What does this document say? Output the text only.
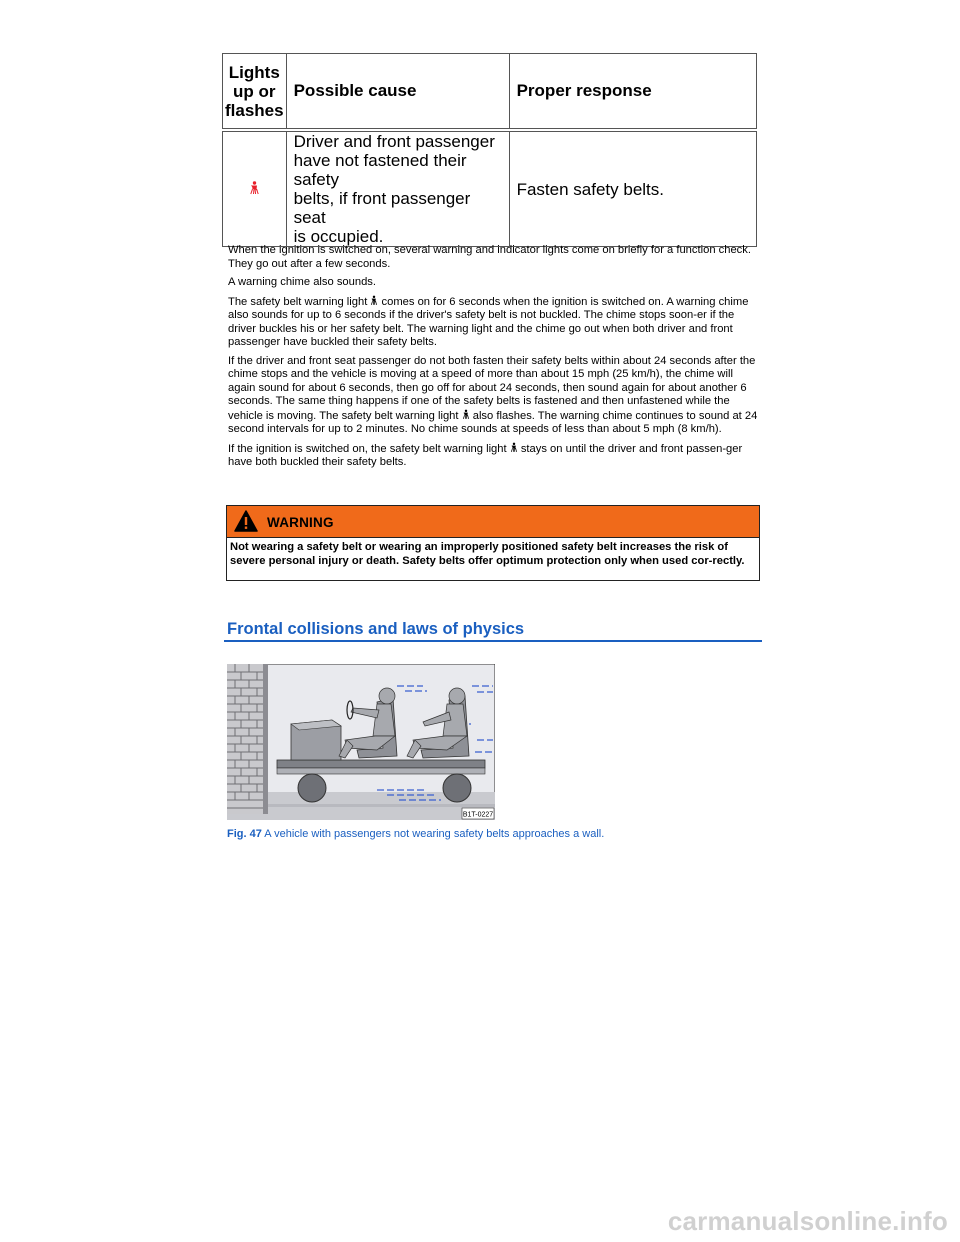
Lights
up or
flashes	Possible cause	Proper response
	Driver and front passenger
have not fastened their safety
belts, if front passenger seat
is occupied.	Fasten safety belts.

When the ignition is switched on, several warning and indicator lights come on briefly for a function check. They go out after a few seconds.

A warning chime also sounds.

The safety belt warning light comes on for 6 seconds when the ignition is switched on. A warning chime also sounds for up to 6 seconds if the driver's safety belt is not buckled. The chime stops soon-er if the driver buckles his or her safety belt. The warning light and the chime go out when both driver and front passenger have buckled their safety belts.

If the driver and front seat passenger do not both fasten their safety belts within about 24 seconds after the chime stops and the vehicle is moving at a speed of more than about 15 mph (25 km/h), the chime will again sound for about 6 seconds, then go off for about 24 seconds, then sound again for about another 6 seconds. The same thing happens if one of the safety belts is fastened and then unfastened while the vehicle is moving. The safety belt warning light also flashes. The warning chime continues to sound at 24 second intervals for up to 2 minutes. No chime sounds at speeds of less than about 5 mph (8 km/h).

If the ignition is switched on, the safety belt warning light stays on until the driver and front passen-ger have both buckled their safety belts.

WARNING
Not wearing a safety belt or wearing an improperly positioned safety belt increases the risk of severe personal injury or death. Safety belts offer optimum protection only when used cor-rectly.
Frontal collisions and laws of physics
B1T-0227
Fig. 47 A vehicle with passengers not wearing safety belts approaches a wall.
carmanualsonline.info
